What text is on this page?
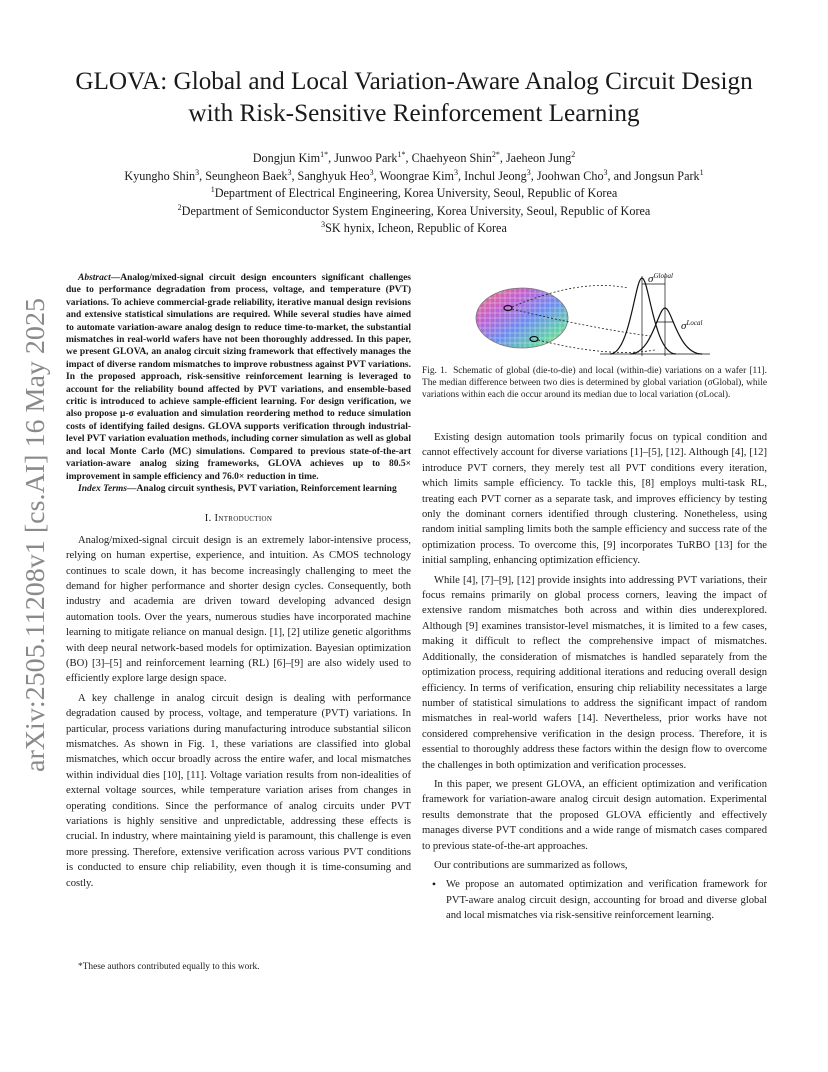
arXiv:2505.11208v1 [cs.AI] 16 May 2025
GLOVA: Global and Local Variation-Aware Analog Circuit Design with Risk-Sensitive Reinforcement Learning

Dongjun Kim$^{1*}$, Junwoo Park$^{1*}$, Chaehyeon Shin$^{2*}$, Jaeheon Jung$^2$

Kyungho Shin$^3$, Seungheon Baek$^3$, Sanghyuk Heo$^3$, Woongrae Kim$^3$, Inchul Jeong$^3$, Joohwan Cho$^3$, and Jongsun Park$^1$

$^1$Department of Electrical Engineering, Korea University, Seoul, Republic of Korea

$^2$Department of Semiconductor System Engineering, Korea University, Seoul, Republic of Korea

$^3$SK hynix, Icheon, Republic of Korea

Abstract—Analog/mixed-signal circuit design encounters significant challenges due to performance degradation from process, voltage, and temperature (PVT) variations. To achieve commercial-grade reliability, iterative manual design revisions and extensive statistical simulations are required. While several studies have aimed to automate variation-aware analog design to reduce time-to-market, the substantial mismatches in real-world wafers have not been thoroughly addressed. In this paper, we present GLOVA, an analog circuit sizing framework that effectively manages the impact of diverse random mismatches to improve robustness against PVT variations. In the proposed approach, risk-sensitive reinforcement learning is leveraged to account for the reliability bound affected by PVT variations, and ensemble-based critic is introduced to achieve sample-efficient learning. For design verification, we also propose μ-σ evaluation and simulation reordering method to reduce simulation costs of identifying failed designs. GLOVA supports verification through industrial-level PVT variation evaluation methods, including corner simulation as well as global and local Monte Carlo (MC) simulations. Compared to previous state-of-the-art variation-aware analog sizing frameworks, GLOVA achieves up to 80.5× improvement in sample efficiency and 76.0× reduction in time.

Index Terms—Analog circuit synthesis, PVT variation, Reinforcement learning

I. Introduction

Analog/mixed-signal circuit design is an extremely labor-intensive process, relying on human expertise, experience, and intuition. As CMOS technology continues to scale down, it has become increasingly challenging to meet the demand for higher performance and shorter design cycles. Consequently, both industry and academia are driven toward developing advanced design automation tools. Over the years, numerous studies have incorporated machine learning to mitigate reliance on manual design. [1], [2] utilize genetic algorithms with deep neural network-based models for optimization. Bayesian optimization (BO) [3]–[5] and reinforcement learning (RL) [6]–[9] are also widely used to efficiently explore large design space.

A key challenge in analog circuit design is dealing with performance degradation caused by process, voltage, and temperature (PVT) variations. In particular, process variations during manufacturing introduce substantial silicon mismatches. As shown in Fig. 1, these variations are classified into global mismatches, which occur broadly across the entire wafer, and local mismatches within individual dies [10], [11]. Voltage variation results from non-idealities of external voltage sources, while temperature variation arises from changes in operating conditions. Since the performance of analog circuits under PVT variations is highly sensitive and unpredictable, addressing these effects is crucial. In industry, where maintaining yield is paramount, this challenge is even more pressing. Therefore, extensive verification across various PVT conditions is conducted to ensure chip reliability, even though it is time-consuming and costly.

*These authors contributed equally to this work.
$\sigma^{Global}$
$\sigma^{Local}$
Fig. 1. Schematic of global (die-to-die) and local (within-die) variations on a wafer [11]. The median difference between two dies is determined by global variation (σGlobal), while variations within each die occur around its median due to local variation (σLocal).

Existing design automation tools primarily focus on typical condition and cannot effectively account for diverse variations [1]–[5], [12]. Although [4], [12] introduce PVT corners, they merely test all PVT conditions every iteration, which limits sample efficiency. To tackle this, [8] employs multi-task RL, treating each PVT corner as a separate task, and improves efficiency by testing only the dominant corners identified through clustering. Nonetheless, using random initial sampling limits both the sample efficiency and success rate of the optimization process. To overcome this, [9] incorporates TuRBO [13] for the initial sampling, enhancing optimization efficiency.

While [4], [7]–[9], [12] provide insights into addressing PVT variations, their focus remains primarily on global process corners, leaving the impact of extensive random mismatches both across and within dies underexplored. Although [9] examines transistor-level mismatches, it is limited to a few cases, making it difficult to reflect the comprehensive impact of mismatches. Additionally, the consideration of mismatches is handled separately from the optimization process, requiring additional iterations and reducing overall design efficiency. In terms of verification, ensuring chip reliability necessitates a large number of statistical simulations to address the significant impact of random mismatches in real-world wafers [14]. Nevertheless, prior works have not considered comprehensive verification in the design process. Therefore, it is essential to thoroughly address these factors within the design flow to overcome the challenges in both optimization and verification processes.

In this paper, we present GLOVA, an efficient optimization and verification framework for variation-aware analog circuit design automation. Experimental results demonstrate that the proposed GLOVA efficiently and effectively manages diverse PVT conditions and a wide range of mismatch cases compared to previous state-of-the-art approaches.

Our contributions are summarized as follows,

• We propose an automated optimization and verification framework for PVT-aware analog circuit design, accounting for broad and diverse global and local mismatches via risk-sensitive reinforcement learning.
